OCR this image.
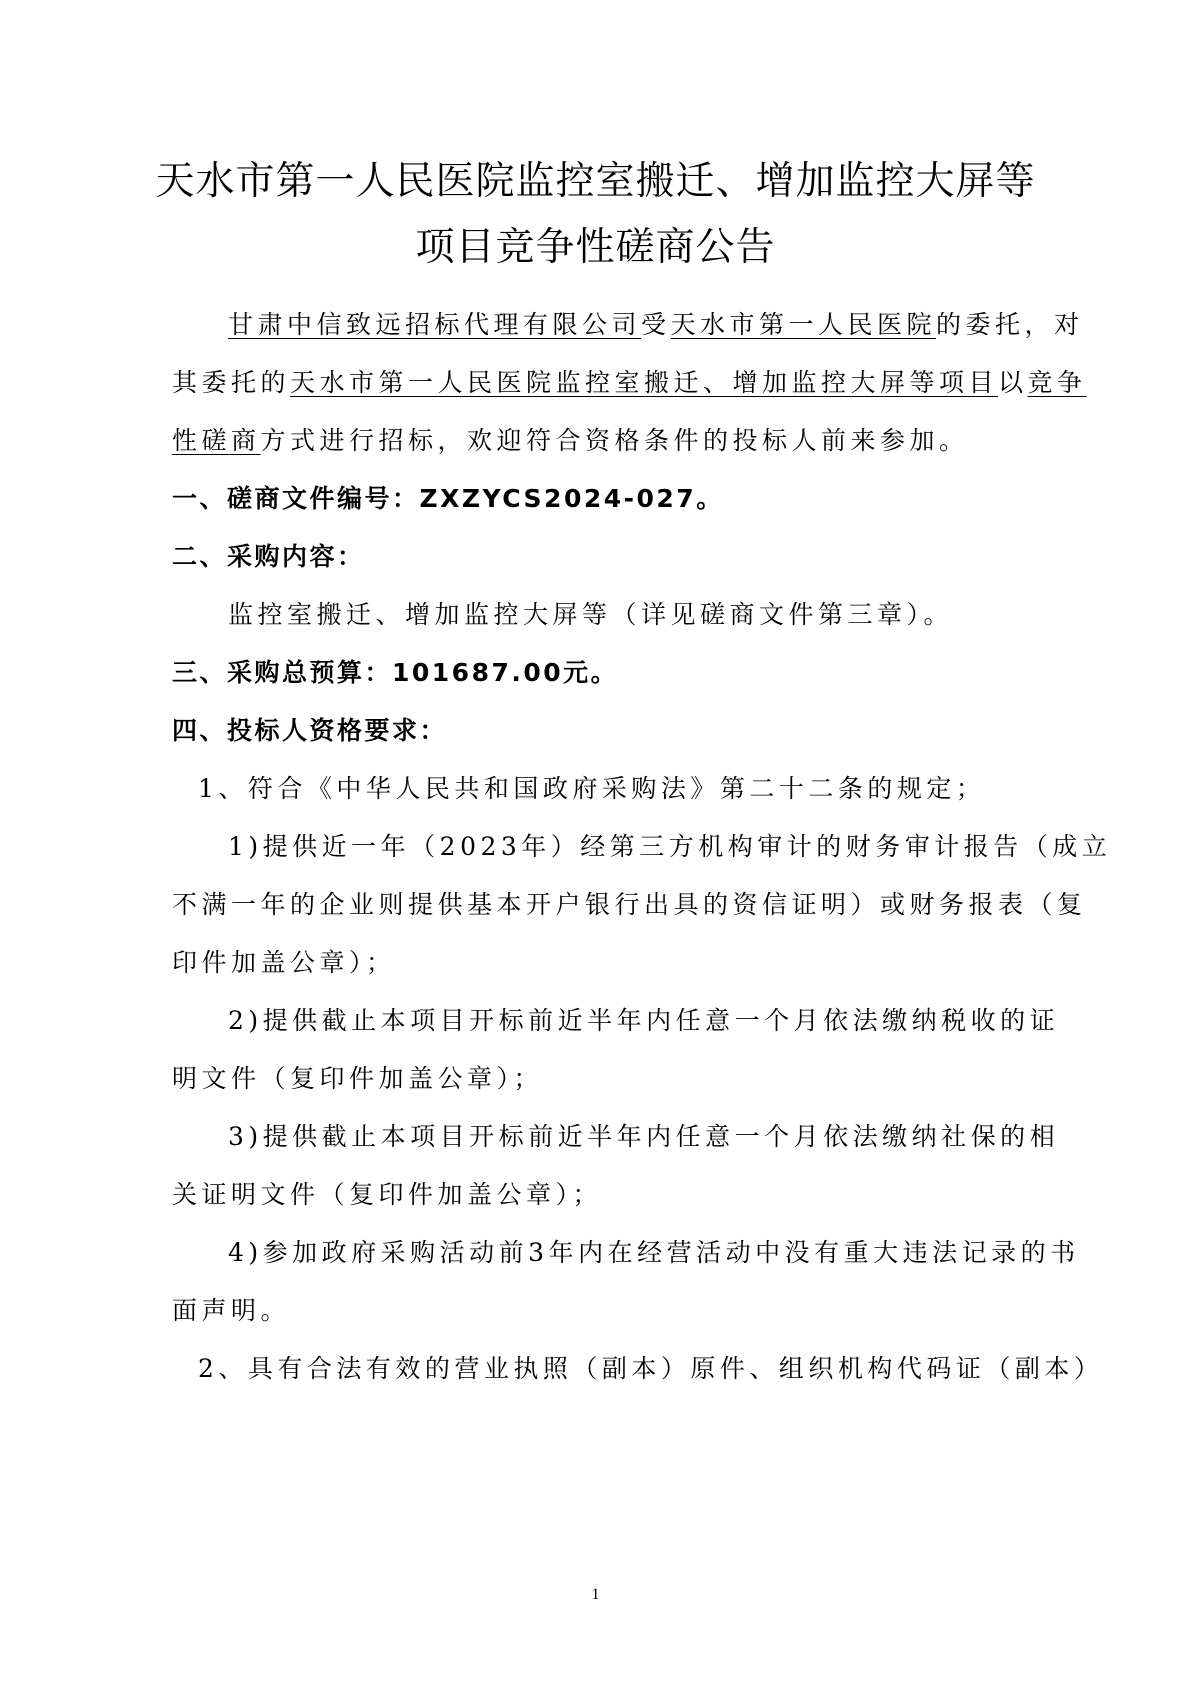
天水市第一人民医院监控室搬迁、增加监控大屏等
项目竞争性磋商公告
甘肃中信致远招标代理有限公司受天水市第一人民医院的委托，对
其委托的天水市第一人民医院监控室搬迁、增加监控大屏等项目以竞争
性磋商方式进行招标，欢迎符合资格条件的投标人前来参加。
一、磋商文件编号：ZXZYCS2024-027。
二、采购内容：
监控室搬迁、增加监控大屏等（详见磋商文件第三章）。
三、采购总预算：101687.00元。
四、投标人资格要求：
1、符合《中华人民共和国政府采购法》第二十二条的规定；
1)提供近一年（2023年）经第三方机构审计的财务审计报告（成立
不满一年的企业则提供基本开户银行出具的资信证明）或财务报表（复
印件加盖公章）；
2)提供截止本项目开标前近半年内任意一个月依法缴纳税收的证
明文件（复印件加盖公章）；
3)提供截止本项目开标前近半年内任意一个月依法缴纳社保的相
关证明文件（复印件加盖公章）；
4)参加政府采购活动前3年内在经营活动中没有重大违法记录的书
面声明。
2、具有合法有效的营业执照（副本）原件、组织机构代码证（副本）
1
